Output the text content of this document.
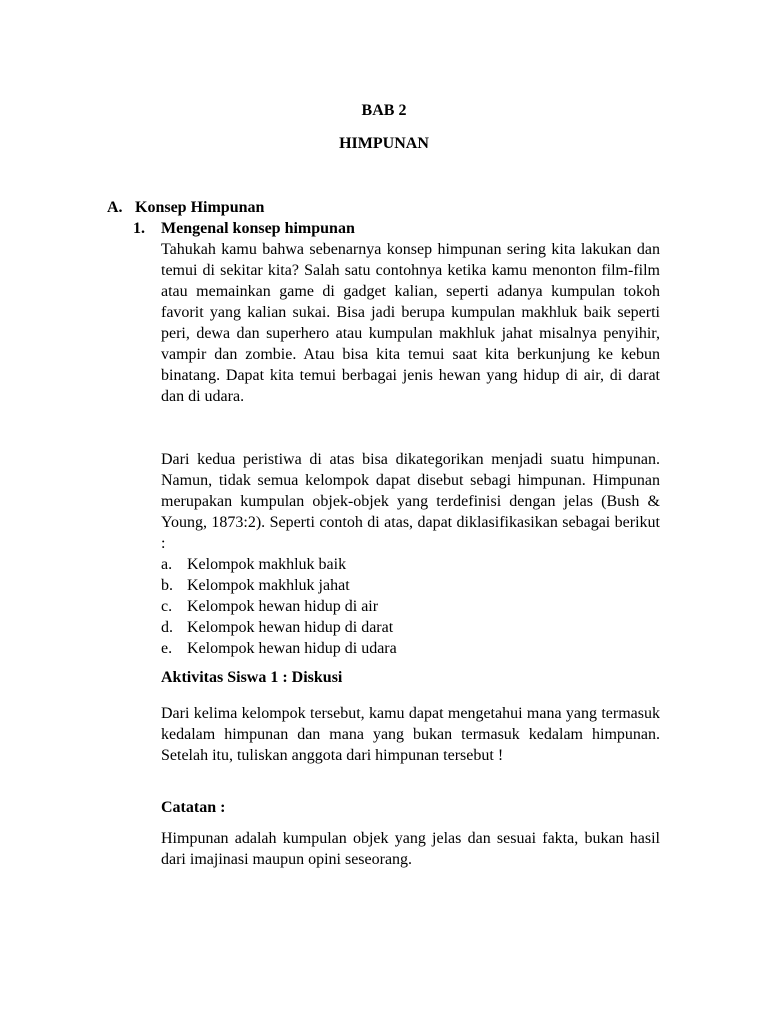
BAB 2
HIMPUNAN
A. Konsep Himpunan
1. Mengenal konsep himpunan

Tahukah kamu bahwa sebenarnya konsep himpunan sering kita lakukan dan temui di sekitar kita? Salah satu contohnya ketika kamu menonton film-film atau memainkan game di gadget kalian, seperti adanya kumpulan tokoh favorit yang kalian sukai. Bisa jadi berupa kumpulan makhluk baik seperti peri, dewa dan superhero atau kumpulan makhluk jahat misalnya penyihir, vampir dan zombie. Atau bisa kita temui saat kita berkunjung ke kebun binatang. Dapat kita temui berbagai jenis hewan yang hidup di air, di darat dan di udara.

Dari kedua peristiwa di atas bisa dikategorikan menjadi suatu himpunan. Namun, tidak semua kelompok dapat disebut sebagi himpunan. Himpunan merupakan kumpulan objek-objek yang terdefinisi dengan jelas (Bush & Young, 1873:2). Seperti contoh di atas, dapat diklasifikasikan sebagai berikut :

a. Kelompok makhluk baik
b. Kelompok makhluk jahat
c. Kelompok hewan hidup di air
d. Kelompok hewan hidup di darat
e. Kelompok hewan hidup di udara
Aktivitas Siswa 1 : Diskusi

Dari kelima kelompok tersebut, kamu dapat mengetahui mana yang termasuk kedalam himpunan dan mana yang bukan termasuk kedalam himpunan. Setelah itu, tuliskan anggota dari himpunan tersebut !

Catatan :

Himpunan adalah kumpulan objek yang jelas dan sesuai fakta, bukan hasil dari imajinasi maupun opini seseorang.
